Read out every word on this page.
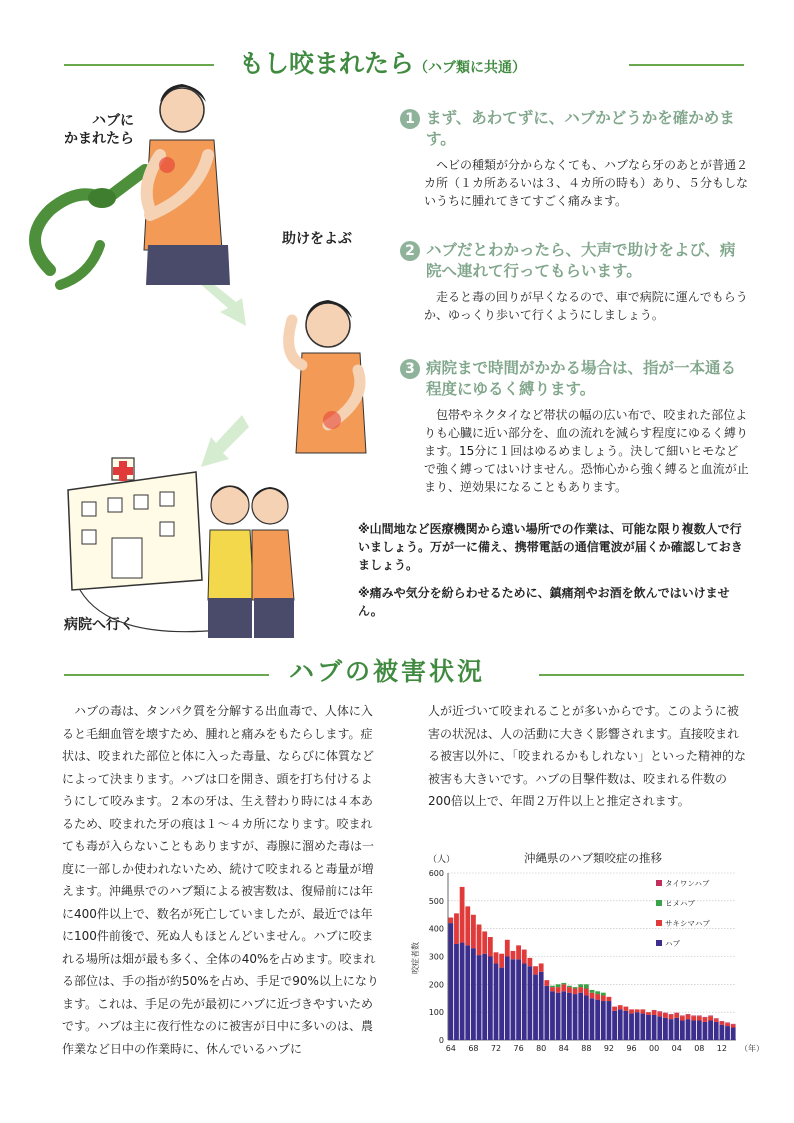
もし咬まれたら（ハブ類に共通）
ハブに
かまれたら
助けをよぶ
病院へ行く
1 まず、あわてずに、ハブかどうかを確かめます。
ヘビの種類が分からなくても、ハブなら牙のあとが普通２カ所（１カ所あるいは３、４カ所の時も）あり、５分もしないうちに腫れてきてすごく痛みます。
2 ハブだとわかったら、大声で助けをよび、病院へ連れて行ってもらいます。
走ると毒の回りが早くなるので、車で病院に運んでもらうか、ゆっくり歩いて行くようにしましょう。
3 病院まで時間がかかる場合は、指が一本通る程度にゆるく縛ります。
包帯やネクタイなど帯状の幅の広い布で、咬まれた部位よりも心臓に近い部分を、血の流れを減らす程度にゆるく縛ります。15分に１回はゆるめましょう。決して細いヒモなどで強く縛ってはいけません。恐怖心から強く縛ると血流が止まり、逆効果になることもあります。
※山間地など医療機関から遠い場所での作業は、可能な限り複数人で行いましょう。万が一に備え、携帯電話の通信電波が届くか確認しておきましょう。
※痛みや気分を紛らわせるために、鎮痛剤やお酒を飲んではいけません。
ハブの被害状況
ハブの毒は、タンパク質を分解する出血毒で、人体に入ると毛細血管を壊すため、腫れと痛みをもたらします。症状は、咬まれた部位と体に入った毒量、ならびに体質などによって決まります。ハブは口を開き、頭を打ち付けるようにして咬みます。２本の牙は、生え替わり時には４本あるため、咬まれた牙の痕は１～４カ所になります。咬まれても毒が入らないこともありますが、毒腺に溜めた毒は一度に一部しか使われないため、続けて咬まれると毒量が増えます。沖縄県でのハブ類による被害数は、復帰前には年に400件以上で、数名が死亡していましたが、最近では年に100件前後で、死ぬ人もほとんどいません。ハブに咬まれる場所は畑が最も多く、全体の40%を占めます。咬まれる部位は、手の指が約50%を占め、手足で90%以上になります。これは、手足の先が最初にハブに近づきやすいためです。ハブは主に夜行性なのに被害が日中に多いのは、農作業など日中の作業時に、休んでいるハブに
人が近づいて咬まれることが多いからです。このように被害の状況は、人の活動に大きく影響されます。直接咬まれる被害以外に、「咬まれるかもしれない」といった精神的な被害も大きいです。ハブの目撃件数は、咬まれる件数の200倍以上で、年間２万件以上と推定されます。
沖縄県のハブ類咬症の推移
（人）
咬症者数
0
100
200
300
400
500
600
64 68 72 76 80 84 88 92 96 00 04 08 12 （年）
タイワンハブ
ヒメハブ
サキシマハブ
ハブ
